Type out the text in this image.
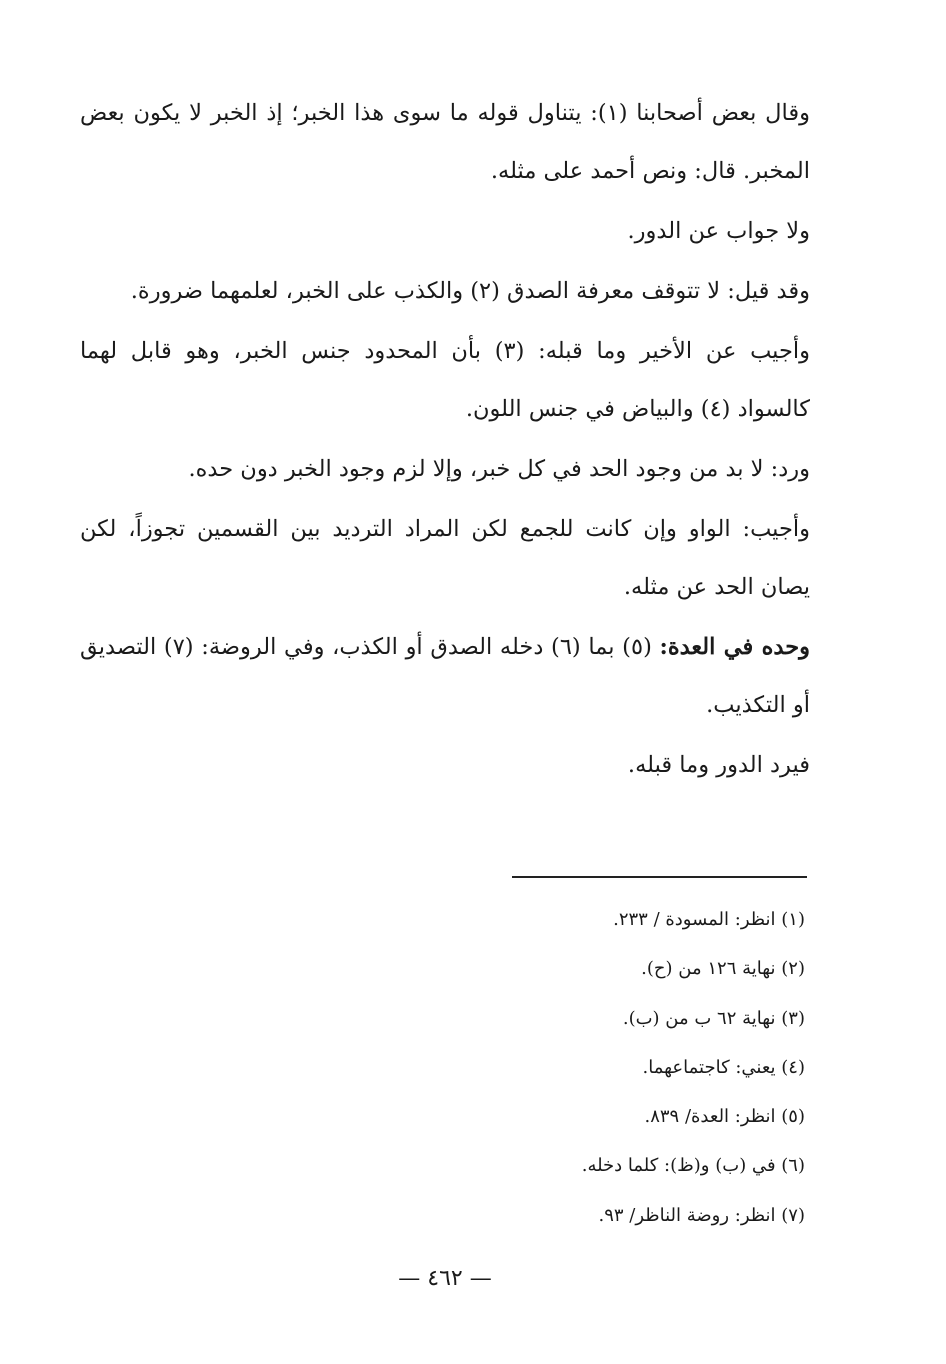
وقال بعض أصحابنا (١): يتناول قوله ما سوى هذا الخبر؛ إذ الخبر لا يكون بعض المخبر. قال: ونص أحمد على مثله.

ولا جواب عن الدور.

وقد قيل: لا تتوقف معرفة الصدق (٢) والكذب على الخبر، لعلمهما ضرورة.

وأجيب عن الأخير وما قبله: (٣) بأن المحدود جنس الخبر، وهو قابل لهما كالسواد (٤) والبياض في جنس اللون.

ورد: لا بد من وجود الحد في كل خبر، وإلا لزم وجود الخبر دون حده.

وأجيب: الواو وإن كانت للجمع لكن المراد الترديد بين القسمين تجوزاً، لكن يصان الحد عن مثله.

وحده في العدة: (٥) بما (٦) دخله الصدق أو الكذب، وفي الروضة: (٧) التصديق أو التكذيب.

فيرد الدور وما قبله.

(١) انظر: المسودة / ٢٣٣.
(٢) نهاية ١٢٦ من (ح).
(٣) نهاية ٦٢ ب من (ب).
(٤) يعني: كاجتماعهما.
(٥) انظر: العدة/ ٨٣٩.
(٦) في (ب) و(ظ): كلما دخله.
(٧) انظر: روضة الناظر/ ٩٣.
— ٤٦٢ —
